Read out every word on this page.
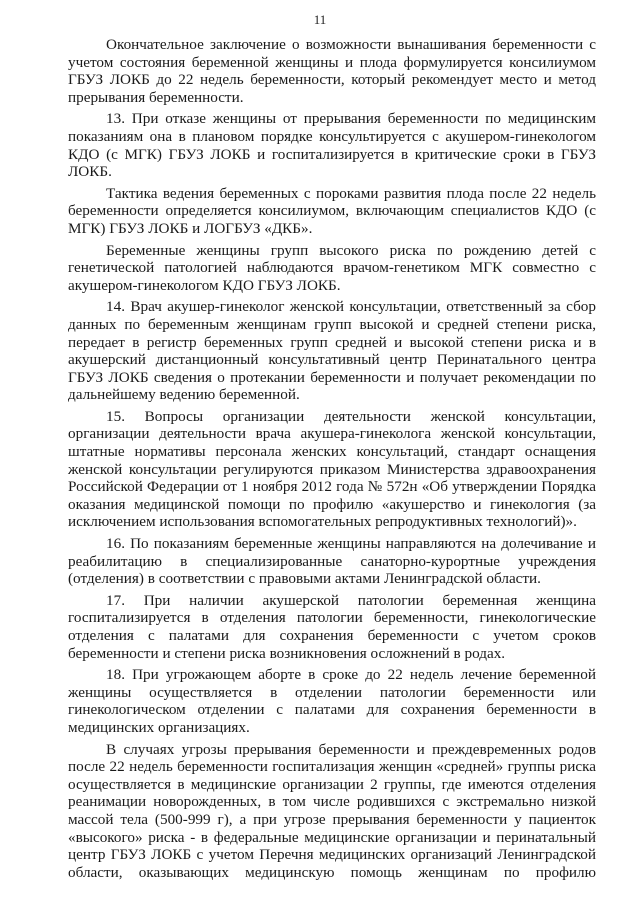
11

Окончательное заключение о возможности вынашивания беременности с учетом состояния беременной женщины и плода формулируется консилиумом ГБУЗ ЛОКБ до 22 недель беременности, который рекомендует место и метод прерывания беременности.

13. При отказе женщины от прерывания беременности по медицинским показаниям она в плановом порядке консультируется с акушером-гинекологом КДО (с МГК) ГБУЗ ЛОКБ и госпитализируется в критические сроки в ГБУЗ ЛОКБ.

Тактика ведения беременных с пороками развития плода после 22 недель беременности определяется консилиумом, включающим специалистов КДО (с МГК) ГБУЗ ЛОКБ и ЛОГБУЗ «ДКБ».

Беременные женщины групп высокого риска по рождению детей с генетической патологией наблюдаются врачом-генетиком МГК совместно с акушером-гинекологом КДО ГБУЗ ЛОКБ.

14. Врач акушер-гинеколог женской консультации, ответственный за сбор данных по беременным женщинам групп высокой и средней степени риска, передает в регистр беременных групп средней и высокой степени риска и в акушерский дистанционный консультативный центр Перинатального центра ГБУЗ ЛОКБ сведения о протекании беременности и получает рекомендации по дальнейшему ведению беременной.

15. Вопросы организации деятельности женской консультации, организации деятельности врача акушера-гинеколога женской консультации, штатные нормативы персонала женских консультаций, стандарт оснащения женской консультации регулируются приказом Министерства здравоохранения Российской Федерации от 1 ноября 2012 года № 572н «Об утверждении Порядка оказания медицинской помощи по профилю «акушерство и гинекология (за исключением использования вспомогательных репродуктивных технологий)».

16. По показаниям беременные женщины направляются на долечивание и реабилитацию в специализированные санаторно-курортные учреждения (отделения) в соответствии с правовыми актами Ленинградской области.

17. При наличии акушерской патологии беременная женщина госпитализируется в отделения патологии беременности, гинекологические отделения с палатами для сохранения беременности с учетом сроков беременности и степени риска возникновения осложнений в родах.

18. При угрожающем аборте в сроке до 22 недель лечение беременной женщины осуществляется в отделении патологии беременности или гинекологическом отделении с палатами для сохранения беременности в медицинских организациях.

В случаях угрозы прерывания беременности и преждевременных родов после 22 недель беременности госпитализация женщин «средней» группы риска осуществляется в медицинские организации 2 группы, где имеются отделения реанимации новорожденных, в том числе родившихся с экстремально низкой массой тела (500-999 г), а при угрозе прерывания беременности у пациенток «высокого» риска - в федеральные медицинские организации и перинатальный центр ГБУЗ ЛОКБ с учетом Перечня медицинских организаций Ленинградской области, оказывающих медицинскую помощь женщинам по профилю
